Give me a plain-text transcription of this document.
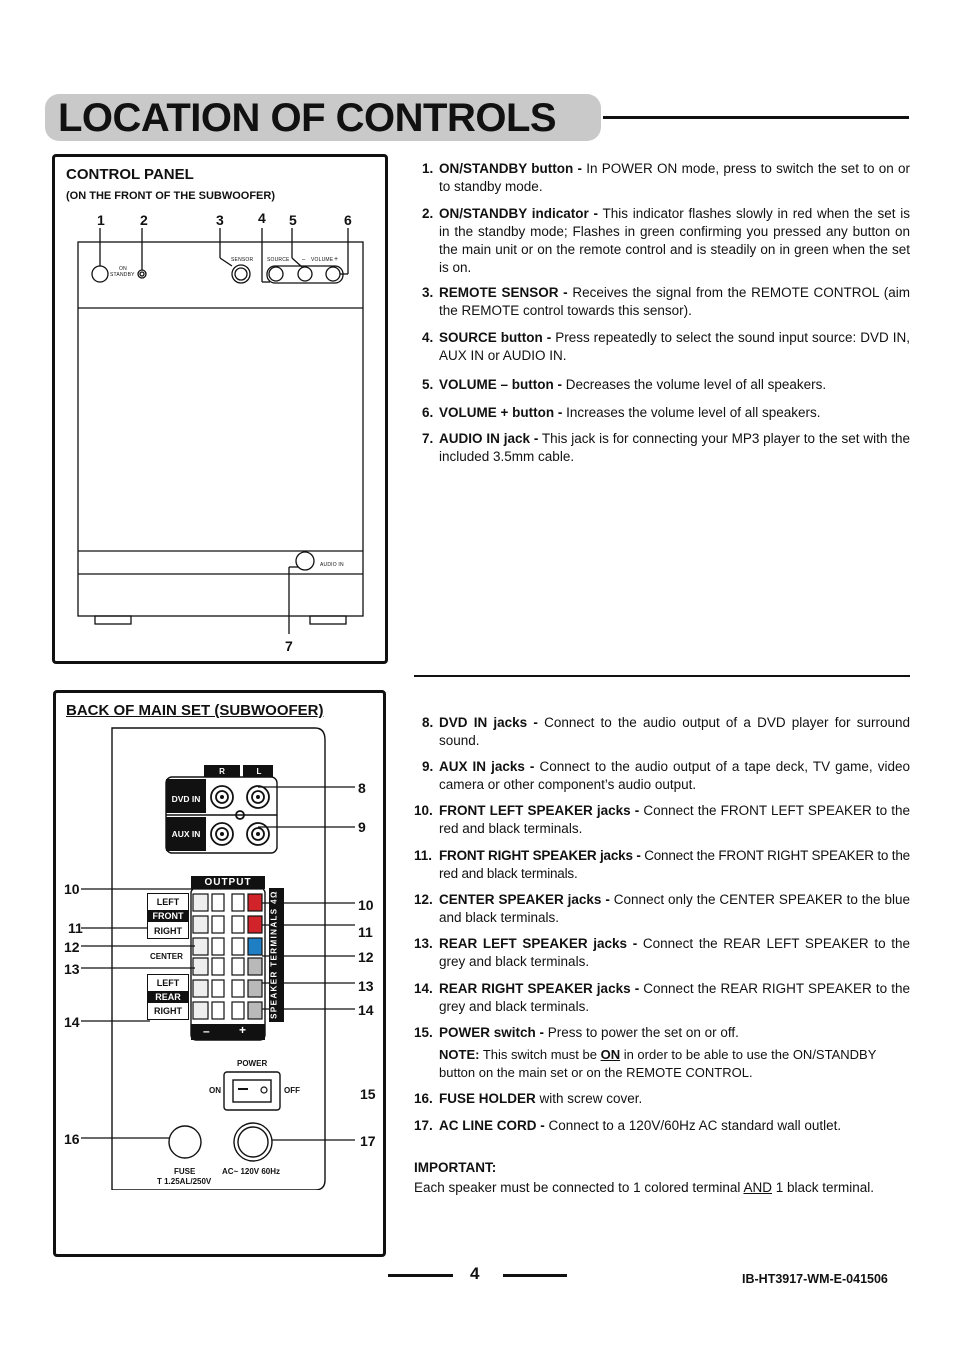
LOCATION OF CONTROLS
CONTROL PANEL
(ON THE FRONT OF THE SUBWOOFER)
1	2	3 4 5	6
7
ON
STANDBY
SENSOR	SOURCE – VOLUME +
AUDIO IN
1. ON/STANDBY button - In POWER ON mode, press to switch the set to on or to standby mode.
2. ON/STANDBY indicator - This indicator flashes slowly in red when the set is in the standby mode; Flashes in green confirming you pressed any button on the main unit or on the remote control and is steadily on in green when the set is on.
3. REMOTE SENSOR - Receives the signal from the REMOTE CONTROL (aim the REMOTE control towards this sensor).
4. SOURCE button - Press repeatedly to select the sound input source: DVD IN, AUX IN or AUDIO IN.
5. VOLUME – button - Decreases the volume level of all speakers.
6. VOLUME + button - Increases the volume level of all speakers.
7. AUDIO IN jack - This jack is for connecting your MP3 player to the set with the included 3.5mm cable.
BACK OF MAIN SET (SUBWOOFER)
R	L
DVD IN
AUX IN
OUTPUT
LEFT
FRONT
RIGHT
CENTER
LEFT
REAR
RIGHT	SPEAKER TERMINALS 4Ω
– +
POWER
ON	OFF
FUSE
T 1.25AL/250V
AC~ 120V 60Hz
10
11
12
13
14
16
8
9
10
11
12
13
14
15
17
8. DVD IN jacks - Connect to the audio output of a DVD player for surround sound.
9. AUX IN jacks - Connect to the audio output of a tape deck, TV game, video camera or other component’s audio output.
10. FRONT LEFT SPEAKER jacks - Connect the FRONT LEFT SPEAKER to the red and black terminals.
11. FRONT RIGHT SPEAKER jacks - Connect the FRONT RIGHT SPEAKER to the red and black terminals.
12. CENTER SPEAKER jacks - Connect only the CENTER SPEAKER to the blue and black terminals.
13. REAR LEFT SPEAKER jacks - Connect the REAR LEFT SPEAKER to the grey and black terminals.
14. REAR RIGHT SPEAKER jacks - Connect the REAR RIGHT SPEAKER to the grey and black terminals.
15. POWER switch - Press to power the set on or off.
NOTE: This switch must be ON in order to be able to use the ON/STANDBY button on the main set or on the REMOTE CONTROL.
16. FUSE HOLDER with screw cover.
17. AC LINE CORD - Connect to a 120V/60Hz AC standard wall outlet.
IMPORTANT:
Each speaker must be connected to 1 colored terminal AND 1 black terminal.
4	IB-HT3917-WM-E-041506
